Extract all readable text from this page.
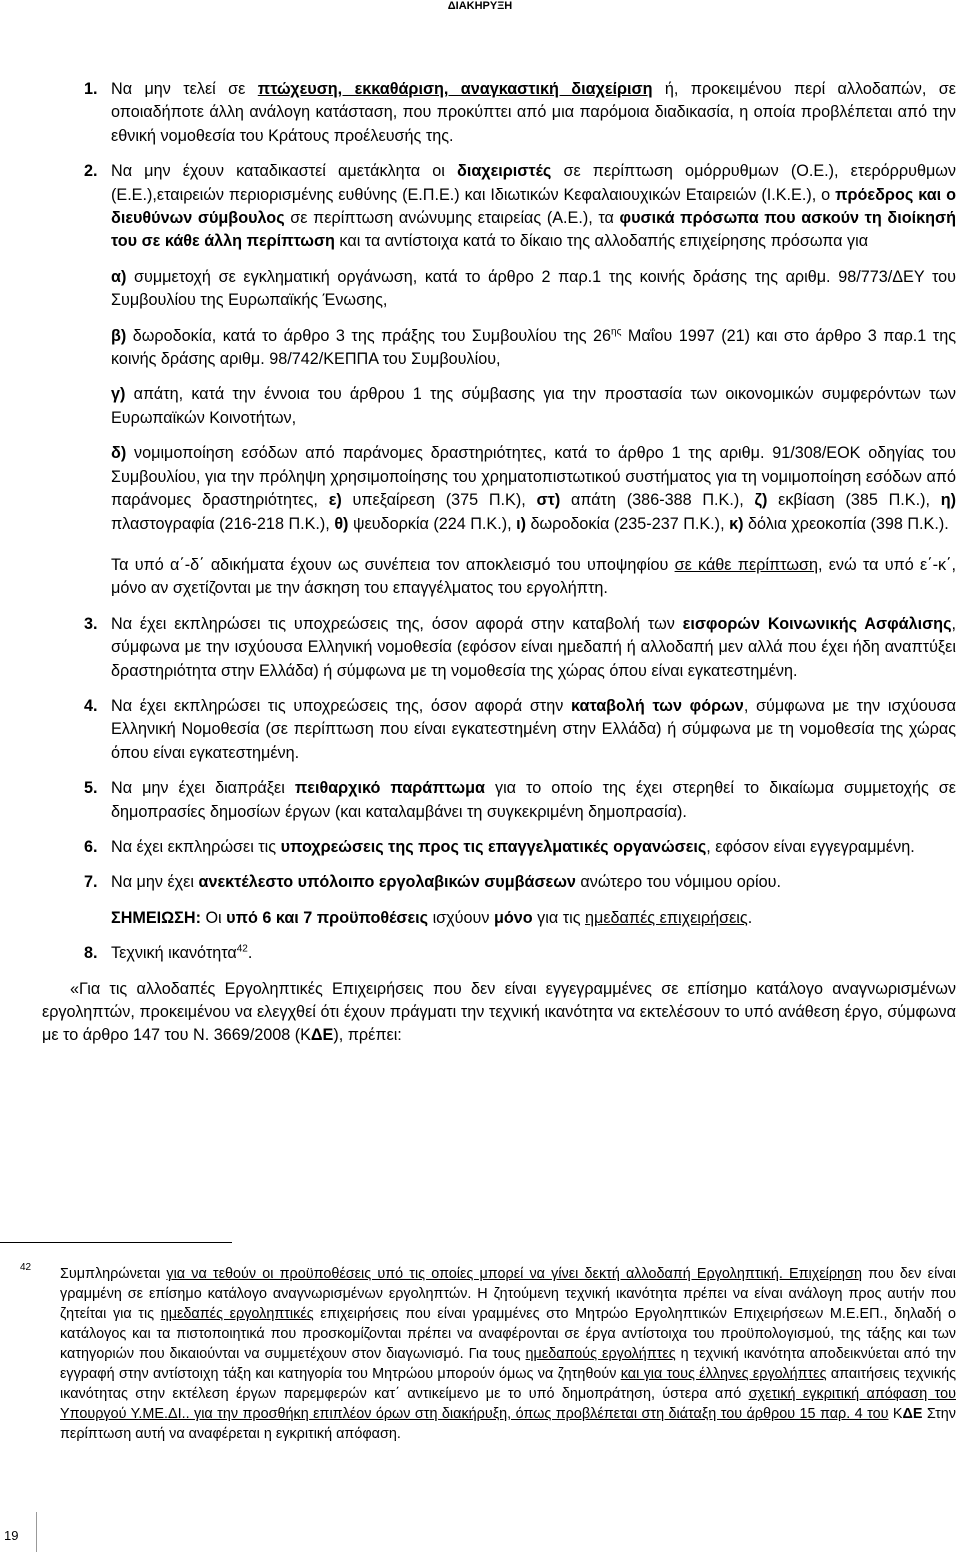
ΔΙΑΚΗΡΥΞΗ

1. Να μην τελεί σε πτώχευση, εκκαθάριση, αναγκαστική διαχείριση ή, προκειμένου περί αλλοδαπών, σε οποιαδήποτε άλλη ανάλογη κατάσταση, που προκύπτει από μια παρόμοια διαδικασία, η οποία προβλέπεται από την εθνική νομοθεσία του Κράτους προέλευσής της.

2. Να μην έχουν καταδικαστεί αμετάκλητα οι διαχειριστές σε περίπτωση ομόρρυθμων (Ο.Ε.), ετερόρρυθμων (Ε.Ε.),εταιρειών περιορισμένης ευθύνης (Ε.Π.Ε.) και Ιδιωτικών Κεφαλαιουχικών Εταιρειών (Ι.Κ.Ε.), ο πρόεδρος και ο διευθύνων σύμβουλος σε περίπτωση ανώνυμης εταιρείας (Α.Ε.), τα φυσικά πρόσωπα που ασκούν τη διοίκησή του σε κάθε άλλη περίπτωση και τα αντίστοιχα κατά το δίκαιο της αλλοδαπής επιχείρησης πρόσωπα για

α) συμμετοχή σε εγκληματική οργάνωση, κατά το άρθρο 2 παρ.1 της κοινής δράσης της αριθμ. 98/773/ΔΕΥ του Συμβουλίου της Ευρωπαϊκής Ένωσης,

β) δωροδοκία, κατά το άρθρο 3 της πράξης του Συμβουλίου της $26^{\eta\varsigma}$ Μαΐου 1997 (21) και στο άρθρο 3 παρ.1 της κοινής δράσης αριθμ. 98/742/ΚΕΠΠΑ του Συμβουλίου,

γ) απάτη, κατά την έννοια του άρθρου 1 της σύμβασης για την προστασία των οικονομικών συμφερόντων των Ευρωπαϊκών Κοινοτήτων,

δ) νομιμοποίηση εσόδων από παράνομες δραστηριότητες, κατά το άρθρο 1 της αριθμ. 91/308/ΕΟΚ οδηγίας του Συμβουλίου, για την πρόληψη χρησιμοποίησης του χρηματοπιστωτικού συστήματος για τη νομιμοποίηση εσόδων από παράνομες δραστηριότητες, ε) υπεξαίρεση (375 Π.Κ), στ) απάτη (386-388 Π.Κ.), ζ) εκβίαση (385 Π.Κ.), η) πλαστογραφία (216-218 Π.Κ.), θ) ψευδορκία (224 Π.Κ.), ι) δωροδοκία (235-237 Π.Κ.), κ) δόλια χρεοκοπία (398 Π.Κ.).

Τα υπό α΄-δ΄ αδικήματα έχουν ως συνέπεια τον αποκλεισμό του υποψηφίου σε κάθε περίπτωση, ενώ τα υπό ε΄-κ΄, μόνο αν σχετίζονται με την άσκηση του επαγγέλματος του εργολήπτη.

3. Να έχει εκπληρώσει τις υποχρεώσεις της, όσον αφορά στην καταβολή των εισφορών Κοινωνικής Ασφάλισης, σύμφωνα με την ισχύουσα Ελληνική νομοθεσία (εφόσον είναι ημεδαπή ή αλλοδαπή μεν αλλά που έχει ήδη αναπτύξει δραστηριότητα στην Ελλάδα) ή σύμφωνα με τη νομοθεσία της χώρας όπου είναι εγκατεστημένη.

4. Να έχει εκπληρώσει τις υποχρεώσεις της, όσον αφορά στην καταβολή των φόρων, σύμφωνα με την ισχύουσα Ελληνική Νομοθεσία (σε περίπτωση που είναι εγκατεστημένη στην Ελλάδα) ή σύμφωνα με τη νομοθεσία της χώρας όπου είναι εγκατεστημένη.

5. Να μην έχει διαπράξει πειθαρχικό παράπτωμα για το οποίο της έχει στερηθεί το δικαίωμα συμμετοχής σε δημοπρασίες δημοσίων έργων (και καταλαμβάνει τη συγκεκριμένη δημοπρασία).

6. Να έχει εκπληρώσει τις υποχρεώσεις της προς τις επαγγελματικές οργανώσεις, εφόσον είναι εγγεγραμμένη.

7. Να μην έχει ανεκτέλεστο υπόλοιπο εργολαβικών συμβάσεων ανώτερο του νόμιμου ορίου.

ΣΗΜΕΙΩΣΗ: Οι υπό 6 και 7 προϋποθέσεις ισχύουν μόνο για τις ημεδαπές επιχειρήσεις.

8. Τεχνική ικανότητα$^{42}$.

«Για τις αλλοδαπές Εργοληπτικές Επιχειρήσεις που δεν είναι εγγεγραμμένες σε επίσημο κατάλογο αναγνωρισμένων εργοληπτών, προκειμένου να ελεγχθεί ότι έχουν πράγματι την τεχνική ικανότητα να εκτελέσουν το υπό ανάθεση έργο, σύμφωνα με το άρθρο 147 του Ν. 3669/2008 (ΚΔΕ), πρέπει:

42	Συμπληρώνεται για να τεθούν οι προϋποθέσεις υπό τις οποίες μπορεί να γίνει δεκτή αλλοδαπή Εργοληπτική. Επιχείρηση που δεν είναι γραμμένη σε επίσημο κατάλογο αναγνωρισμένων εργοληπτών. Η ζητούμενη τεχνική ικανότητα πρέπει να είναι ανάλογη προς αυτήν που ζητείται για τις ημεδαπές εργοληπτικές επιχειρήσεις που είναι γραμμένες στο Μητρώο Εργοληπτικών Επιχειρήσεων Μ.Ε.ΕΠ., δηλαδή ο κατάλογος και τα πιστοποιητικά που προσκομίζονται πρέπει να αναφέρονται σε έργα αντίστοιχα του προϋπολογισμού, της τάξης και των κατηγοριών που δικαιούνται να συμμετέχουν στον διαγωνισμό. Για τους ημεδαπούς εργολήπτες η τεχνική ικανότητα αποδεικνύεται από την εγγραφή στην αντίστοιχη τάξη και κατηγορία του Μητρώου μπορούν όμως να ζητηθούν και για τους έλληνες εργολήπτες απαιτήσεις τεχνικής ικανότητας στην εκτέλεση έργων παρεμφερών κατ΄ αντικείμενο με το υπό δημοπράτηση, ύστερα από σχετική εγκριτική απόφαση του Υπουργού Υ.ΜΕ.ΔΙ.. για την προσθήκη επιπλέον όρων στη διακήρυξη, όπως προβλέπεται στη διάταξη του άρθρου 15 παρ. 4 του ΚΔΕ Στην περίπτωση αυτή να αναφέρεται η εγκριτική απόφαση.
19
